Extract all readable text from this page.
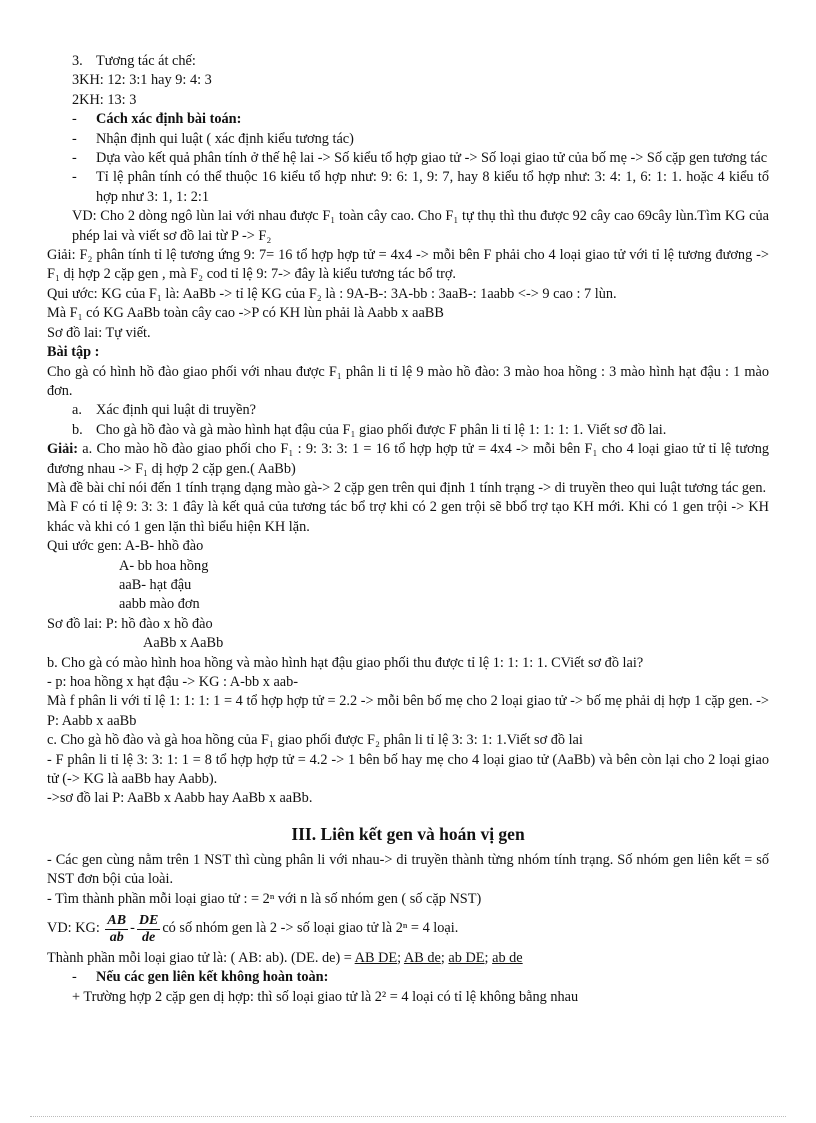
3. Tương tác át chế:
3KH: 12: 3:1 hay 9: 4: 3
2KH: 13: 3
-	Cách xác định bài toán:
-	Nhận định qui luật ( xác định kiểu tương tác)
-	Dựa vào kết quả phân tính ở thế hệ lai -> Số kiểu tổ hợp giao tử -> Số loại giao tử của bố mẹ -> Số cặp gen tương tác
-	Tỉ lệ phân tính có thể thuộc 16 kiểu tổ hợp như: 9: 6: 1, 9: 7, hay 8 kiểu tổ hợp như: 3: 4: 1, 6: 1: 1. hoặc 4 kiểu tổ hợp như 3: 1, 1: 2:1
VD: Cho 2 dòng ngô lùn lai với nhau được F₁ toàn cây cao. Cho F₁ tự thụ thì thu được 92 cây cao 69cây lùn.Tìm KG của phép lai và viết sơ đồ lai từ P -> F₂
Giải: F₂ phân tính tỉ lệ tương ứng 9: 7= 16 tổ hợp hợp tử = 4x4 -> mỗi bên F phải cho 4 loại giao tử với tỉ lệ tương đương -> F₁ dị hợp 2 cặp gen , mà F₂ cod tỉ lệ 9: 7-> đây là kiểu tương tác bổ trợ.
Qui ước: KG của F₁ là: AaBb -> tỉ lệ KG của F₂ là : 9A-B-: 3A-bb : 3aaB-: 1aabb <-> 9 cao : 7 lùn.
Mà F₁ có KG AaBb toàn cây cao ->P có KH lùn phải là Aabb x aaBB
Sơ đồ lai: Tự viết.
Bài tập :
Cho gà có hình hồ đào giao phối với nhau được F₁ phân li tỉ lệ 9 mào hồ đào: 3 mào hoa hồng : 3 mào hình hạt đậu : 1 mào đơn.
a. Xác định qui luật di truyền?
b. Cho gà hồ đào và gà mào hình hạt đậu của F₁ giao phối được F phân li tỉ lệ 1: 1: 1: 1. Viết sơ đồ lai.
Giải: a. Cho mào hồ đào giao phối cho F₁ : 9: 3: 3: 1 = 16 tổ hợp hợp tử = 4x4 -> mỗi bên F₁ cho 4 loại giao tử tỉ lệ tương đương nhau -> F₁ dị hợp 2 cặp gen.( AaBb)
Mà đề bài chỉ nói đến 1 tính trạng dạng mào gà-> 2 cặp gen trên qui định 1 tính trạng -> di truyền theo qui luật tương tác gen.
Mà F có tỉ lệ 9: 3: 3: 1 đây là kết quả của tương tác bổ trợ khi có 2 gen trội sẽ bbổ trợ tạo KH mới. Khi có 1 gen trội -> KH khác và khi có 1 gen lặn thì biểu hiện KH lặn.
Qui ước gen: A-B- hhồ đào
A- bb hoa hồng
aaB- hạt đậu
aabb mào đơn
Sơ đồ lai: P: hồ đào x hồ đào
AaBb x AaBb
b. Cho gà có mào hình hoa hồng và mào hình hạt đậu giao phối thu được tỉ lệ 1: 1: 1: 1. CViết sơ đồ lai?
- p: hoa hồng x hạt đậu -> KG : A-bb x aab-
Mà f phân li với tỉ lệ 1: 1: 1: 1 = 4 tổ hợp hợp tử = 2.2 -> mỗi bên bố mẹ cho 2 loại giao tử -> bố mẹ phải dị hợp 1 cặp gen. -> P: Aabb x aaBb
c. Cho gà hồ đào và gà hoa hồng của F₁ giao phối được F₂ phân li tỉ lệ 3: 3: 1: 1.Viết sơ đồ lai
- F phân li tỉ lệ 3: 3: 1: 1 = 8 tổ hợp hợp tử = 4.2 -> 1 bên bố hay mẹ cho 4 loại giao tử (AaBb) và bên còn lại cho 2 loại giao tử (-> KG là aaBb hay Aabb).
->sơ đồ lai P: AaBb x Aabb hay AaBb x aaBb.
III. Liên kết gen và hoán vị gen
- Các gen cùng nằm trên 1 NST thì cùng phân li với nhau-> di truyền thành từng nhóm tính trạng. Số nhóm gen liên kết = số NST đơn bội của loài.
- Tìm thành phần mỗi loại giao tử : = 2ⁿ với n là số nhóm gen ( số cặp NST)
VD: KG:
$\frac{AB}{ab} - \frac{DE}{de}$ có số nhóm gen là 2 -> số loại giao tử là 2ⁿ = 4 loại.
Thành phần mỗi loại giao tử là: ( AB: ab). (DE. de) = AB DE; AB de; ab DE; ab de
-	Nếu các gen liên kết không hoàn toàn:
+ Trường hợp 2 cặp gen dị hợp: thì số loại giao tử là 2² = 4 loại có tỉ lệ không bằng nhau
